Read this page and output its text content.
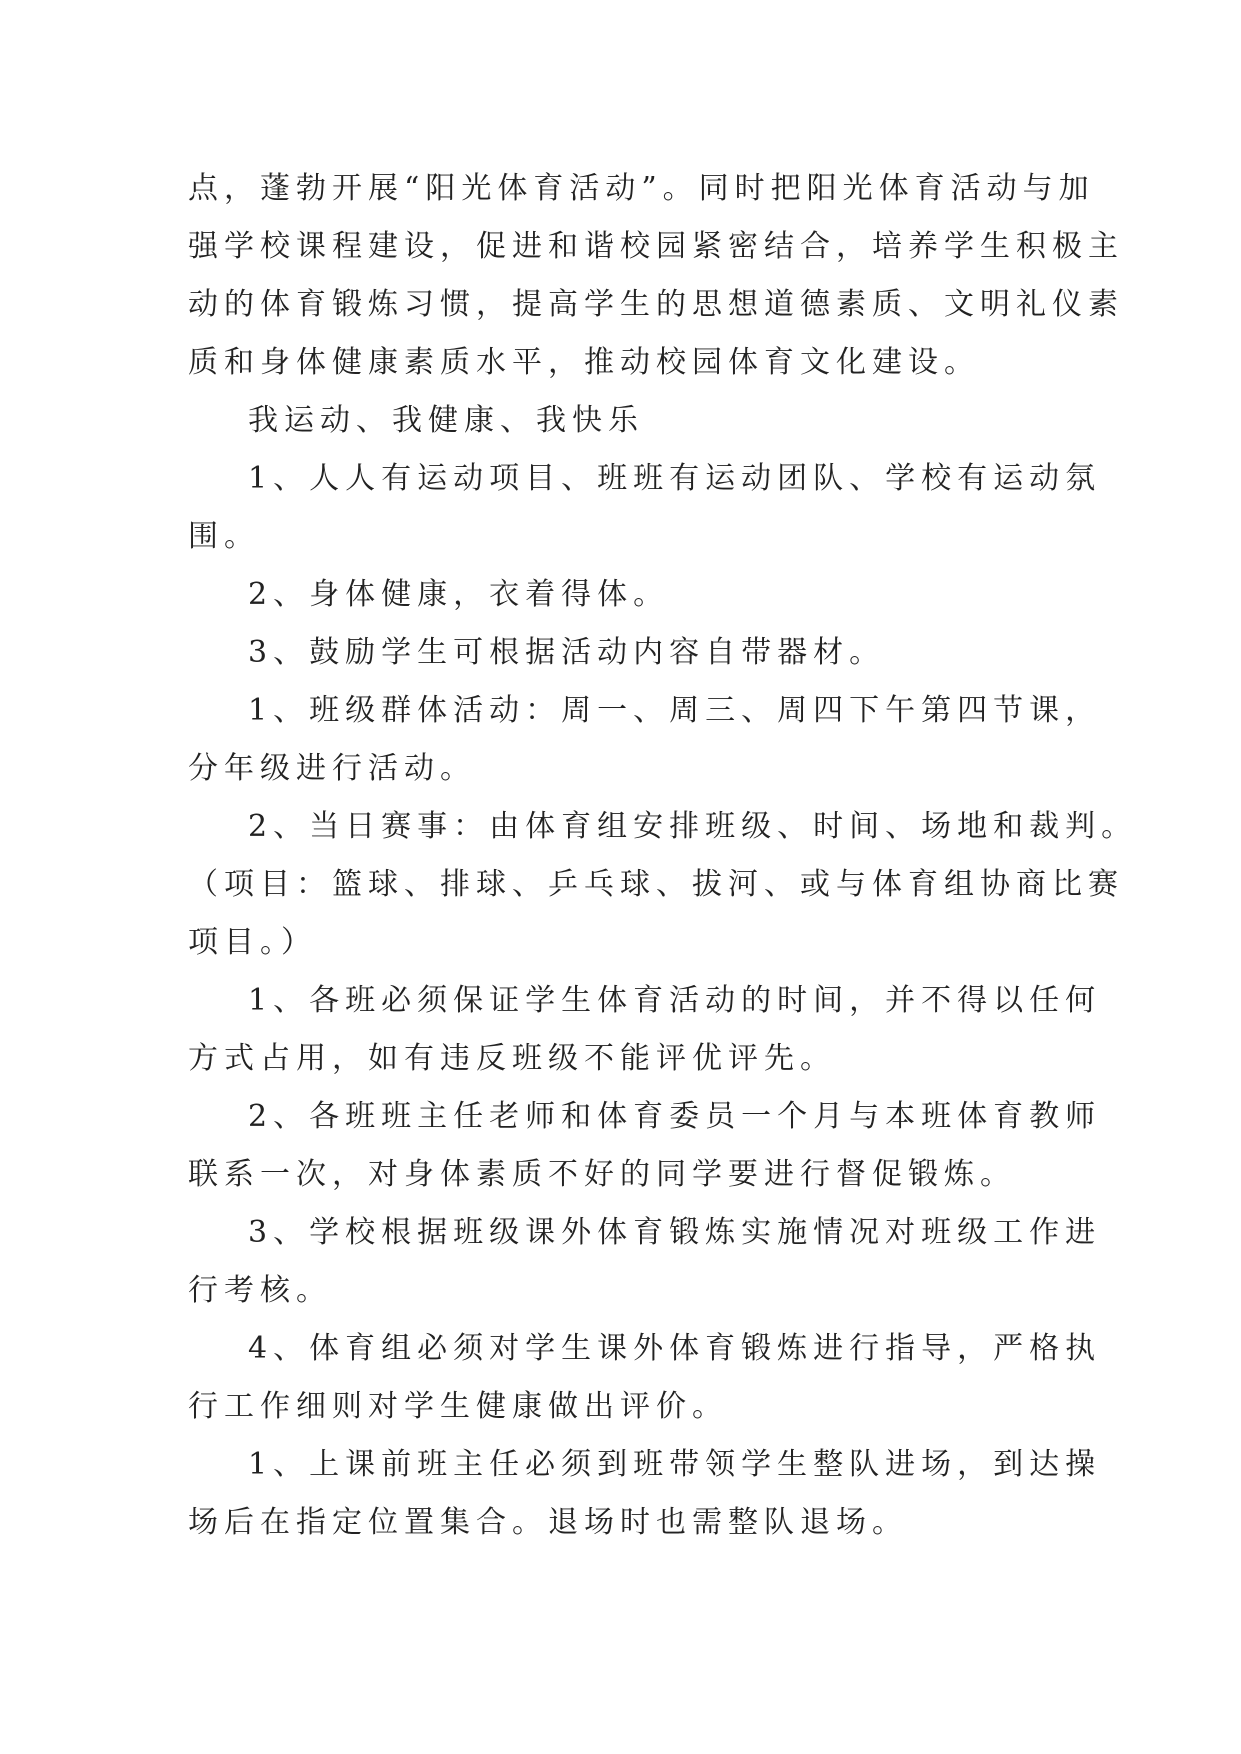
点，蓬勃开展“阳光体育活动”。同时把阳光体育活动与加
强学校课程建设，促进和谐校园紧密结合，培养学生积极主
动的体育锻炼习惯，提高学生的思想道德素质、文明礼仪素
质和身体健康素质水平，推动校园体育文化建设。
我运动、我健康、我快乐
1、人人有运动项目、班班有运动团队、学校有运动氛
围。
2、身体健康，衣着得体。
3、鼓励学生可根据活动内容自带器材。
1、班级群体活动：周一、周三、周四下午第四节课，
分年级进行活动。
2、当日赛事：由体育组安排班级、时间、场地和裁判。
（项目：篮球、排球、乒乓球、拔河、或与体育组协商比赛
项目。）
1、各班必须保证学生体育活动的时间，并不得以任何
方式占用，如有违反班级不能评优评先。
2、各班班主任老师和体育委员一个月与本班体育教师
联系一次，对身体素质不好的同学要进行督促锻炼。
3、学校根据班级课外体育锻炼实施情况对班级工作进
行考核。
4、体育组必须对学生课外体育锻炼进行指导，严格执
行工作细则对学生健康做出评价。
1、上课前班主任必须到班带领学生整队进场，到达操
场后在指定位置集合。退场时也需整队退场。
